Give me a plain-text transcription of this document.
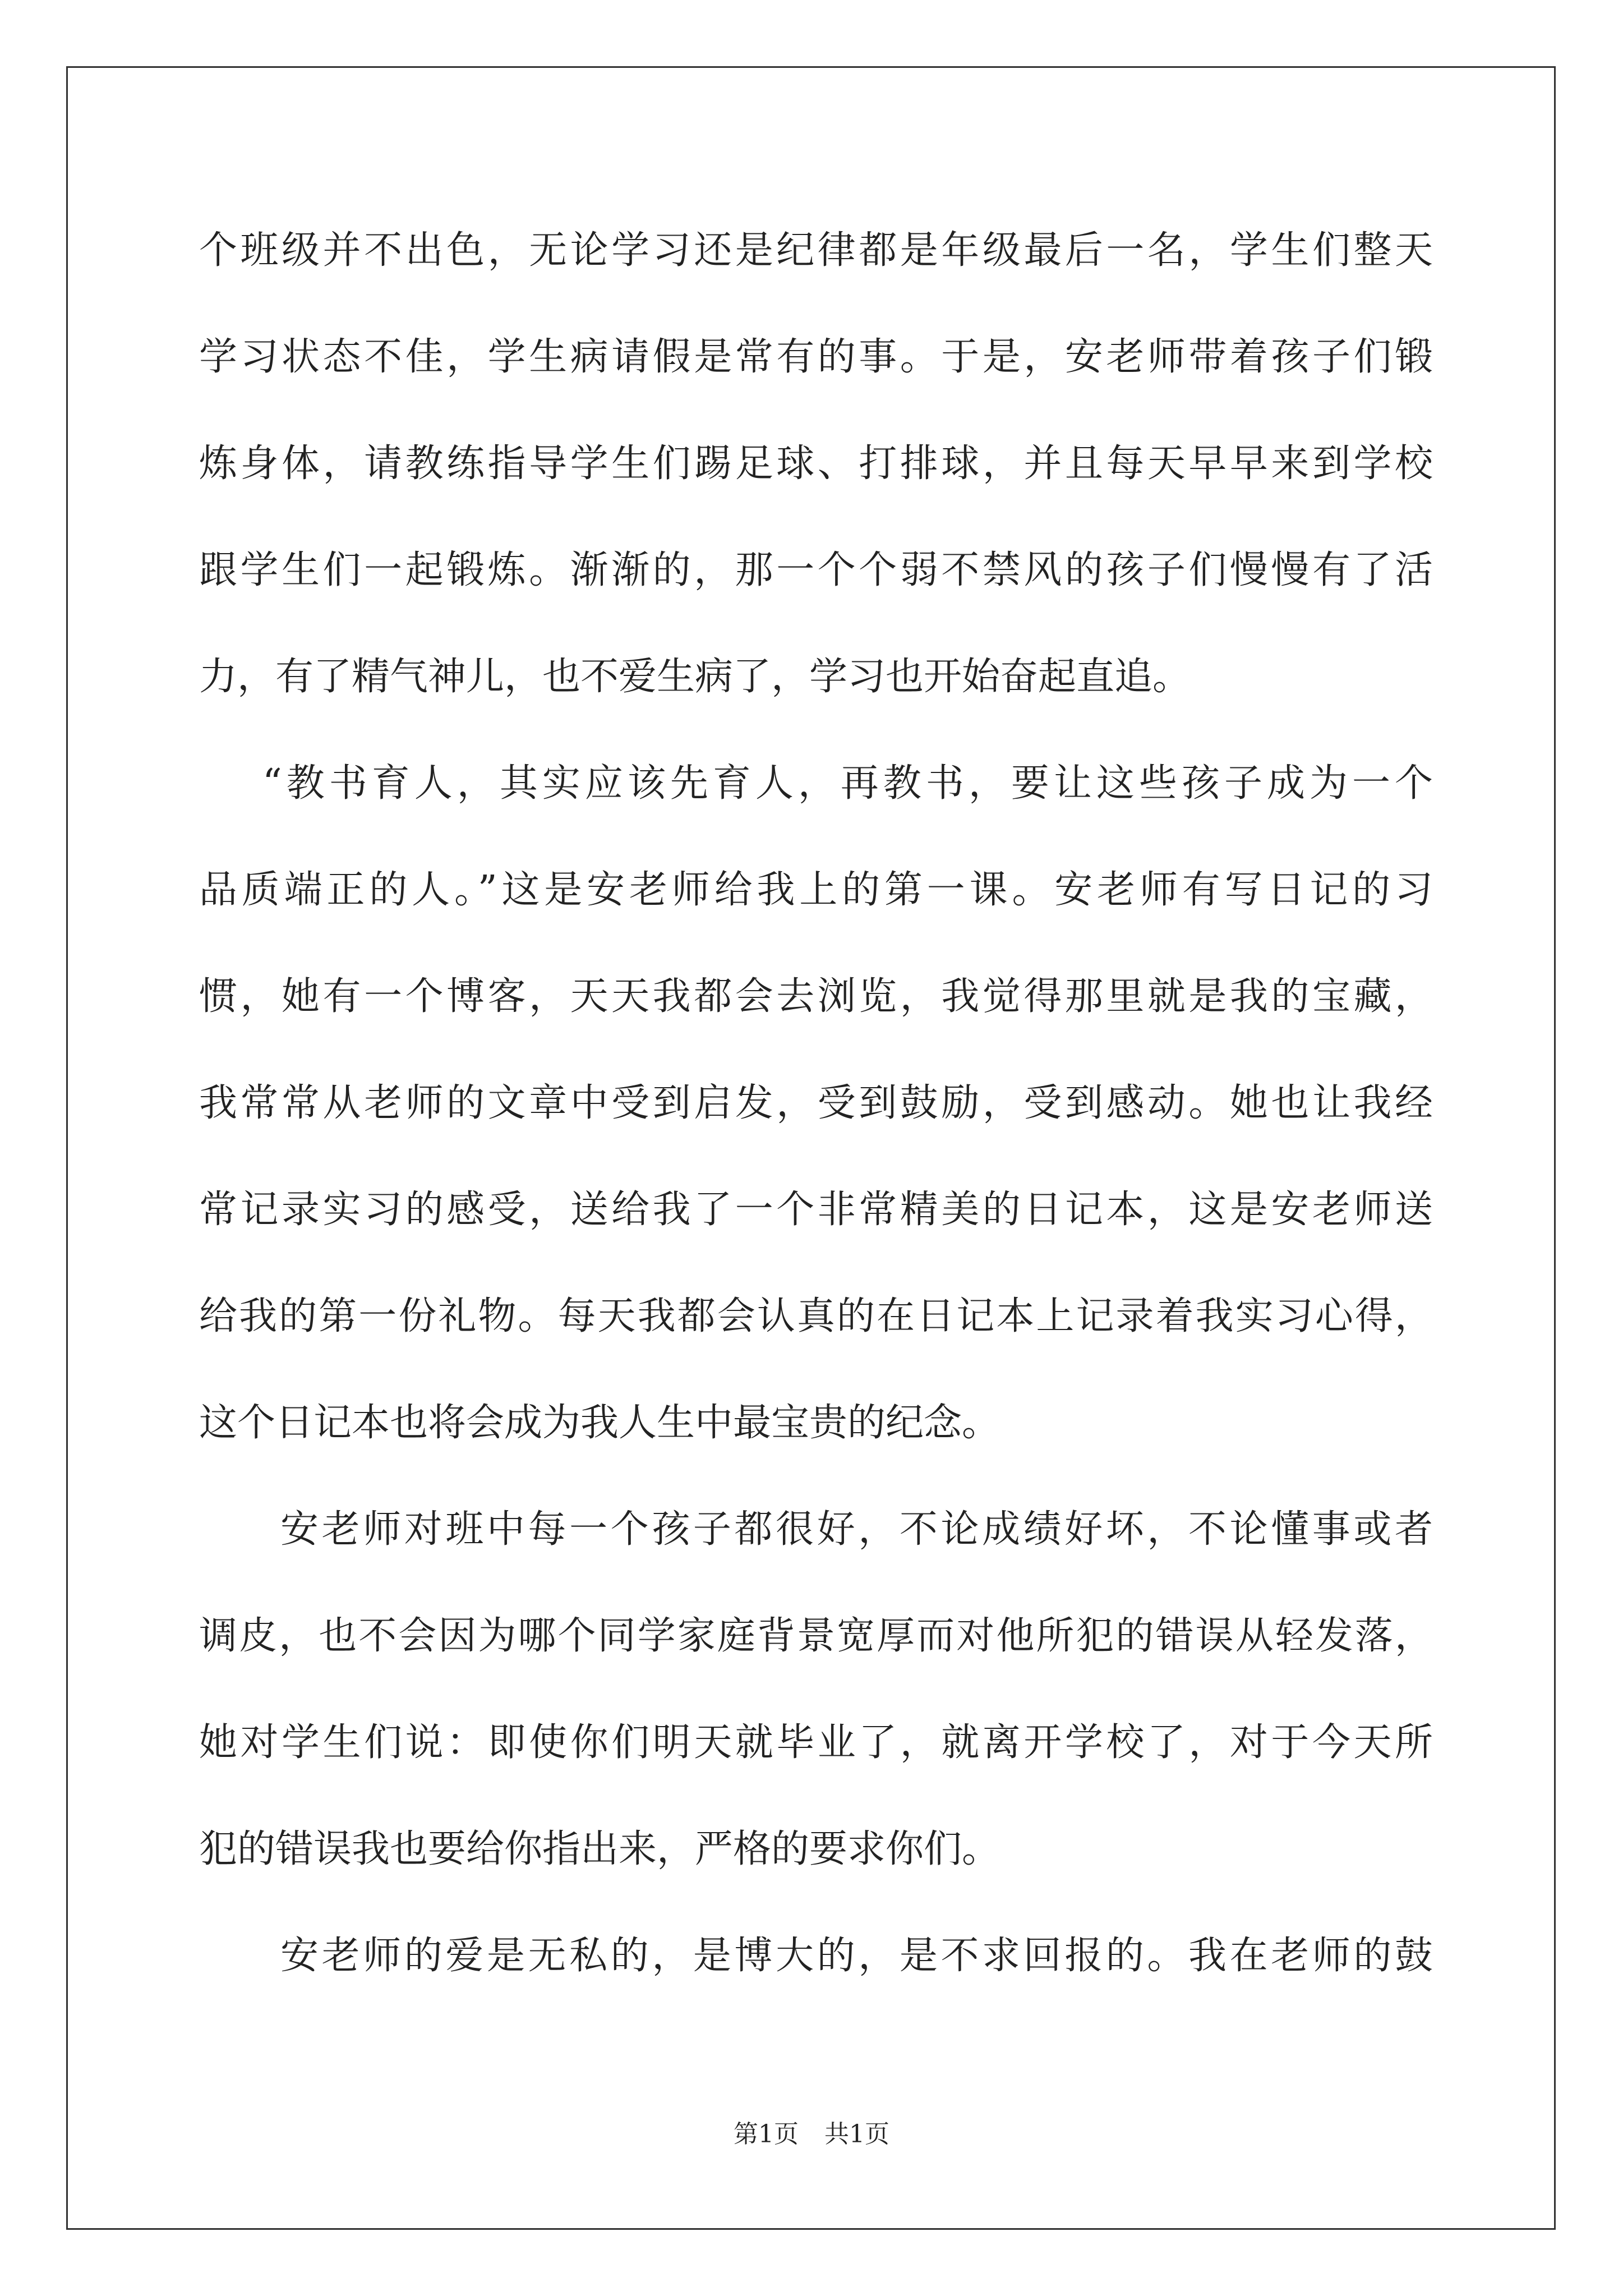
个班级并不出色，无论学习还是纪律都是年级最后一名，学生们整天
学习状态不佳，学生病请假是常有的事。于是，安老师带着孩子们锻
炼身体，请教练指导学生们踢足球、打排球，并且每天早早来到学校
跟学生们一起锻炼。渐渐的，那一个个弱不禁风的孩子们慢慢有了活
力，有了精气神儿，也不爱生病了，学习也开始奋起直追。
“教书育人，其实应该先育人，再教书，要让这些孩子成为一个
品质端正的人。”这是安老师给我上的第一课。安老师有写日记的习
惯，她有一个博客，天天我都会去浏览，我觉得那里就是我的宝藏，
我常常从老师的文章中受到启发，受到鼓励，受到感动。她也让我经
常记录实习的感受，送给我了一个非常精美的日记本，这是安老师送
给我的第一份礼物。每天我都会认真的在日记本上记录着我实习心得，
这个日记本也将会成为我人生中最宝贵的纪念。
安老师对班中每一个孩子都很好，不论成绩好坏，不论懂事或者
调皮，也不会因为哪个同学家庭背景宽厚而对他所犯的错误从轻发落，
她对学生们说：即使你们明天就毕业了，就离开学校了，对于今天所
犯的错误我也要给你指出来，严格的要求你们。
安老师的爱是无私的，是博大的，是不求回报的。我在老师的鼓
第1页 共1页
